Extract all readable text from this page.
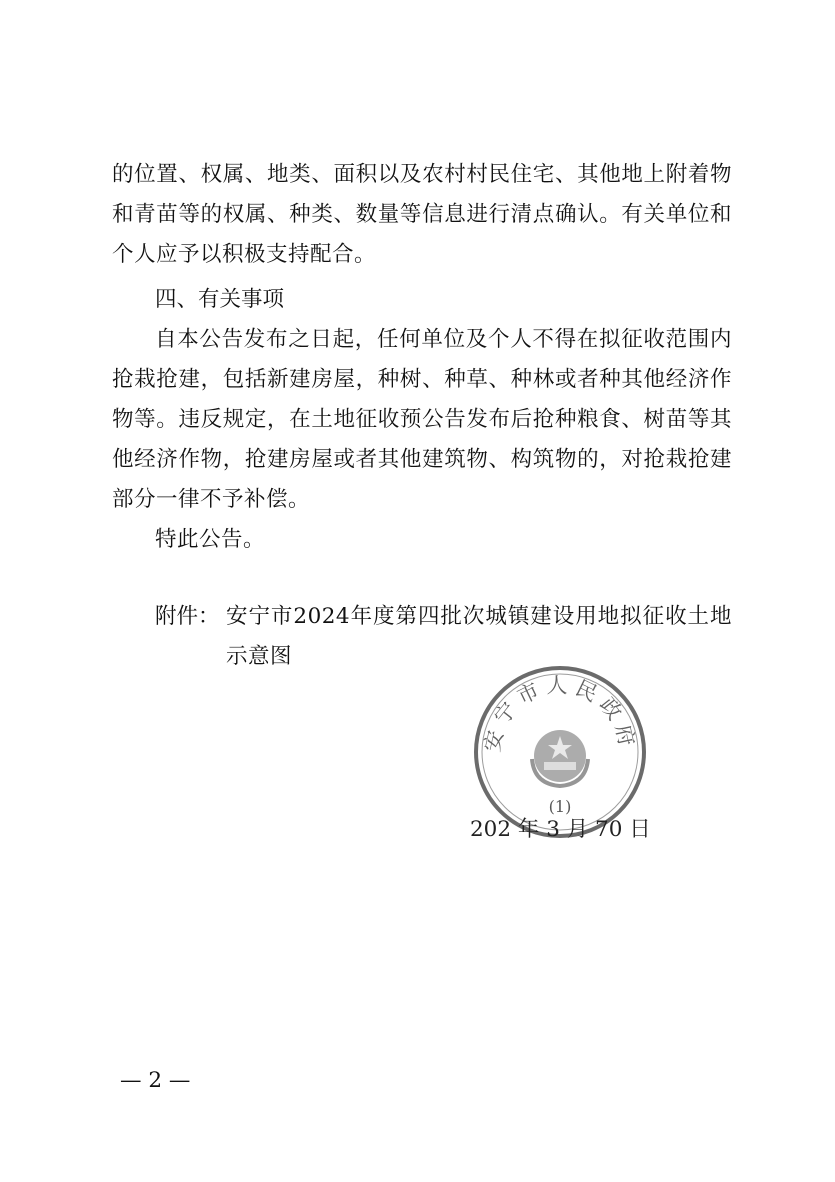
的位置、权属、地类、面积以及农村村民住宅、其他地上附着物和青苗等的权属、种类、数量等信息进行清点确认。有关单位和个人应予以积极支持配合。

四、有关事项

自本公告发布之日起，任何单位及个人不得在拟征收范围内抢栽抢建，包括新建房屋，种树、种草、种林或者种其他经济作物等。违反规定，在土地征收预公告发布后抢种粮食、树苗等其他经济作物，抢建房屋或者其他建筑物、构筑物的，对抢栽抢建部分一律不予补偿。

特此公告。

附件： 安宁市2024年度第四批次城镇建设用地拟征收土地示意图
安宁市人民政府
(1)
202 年 3 月 70 日
— 2 —
